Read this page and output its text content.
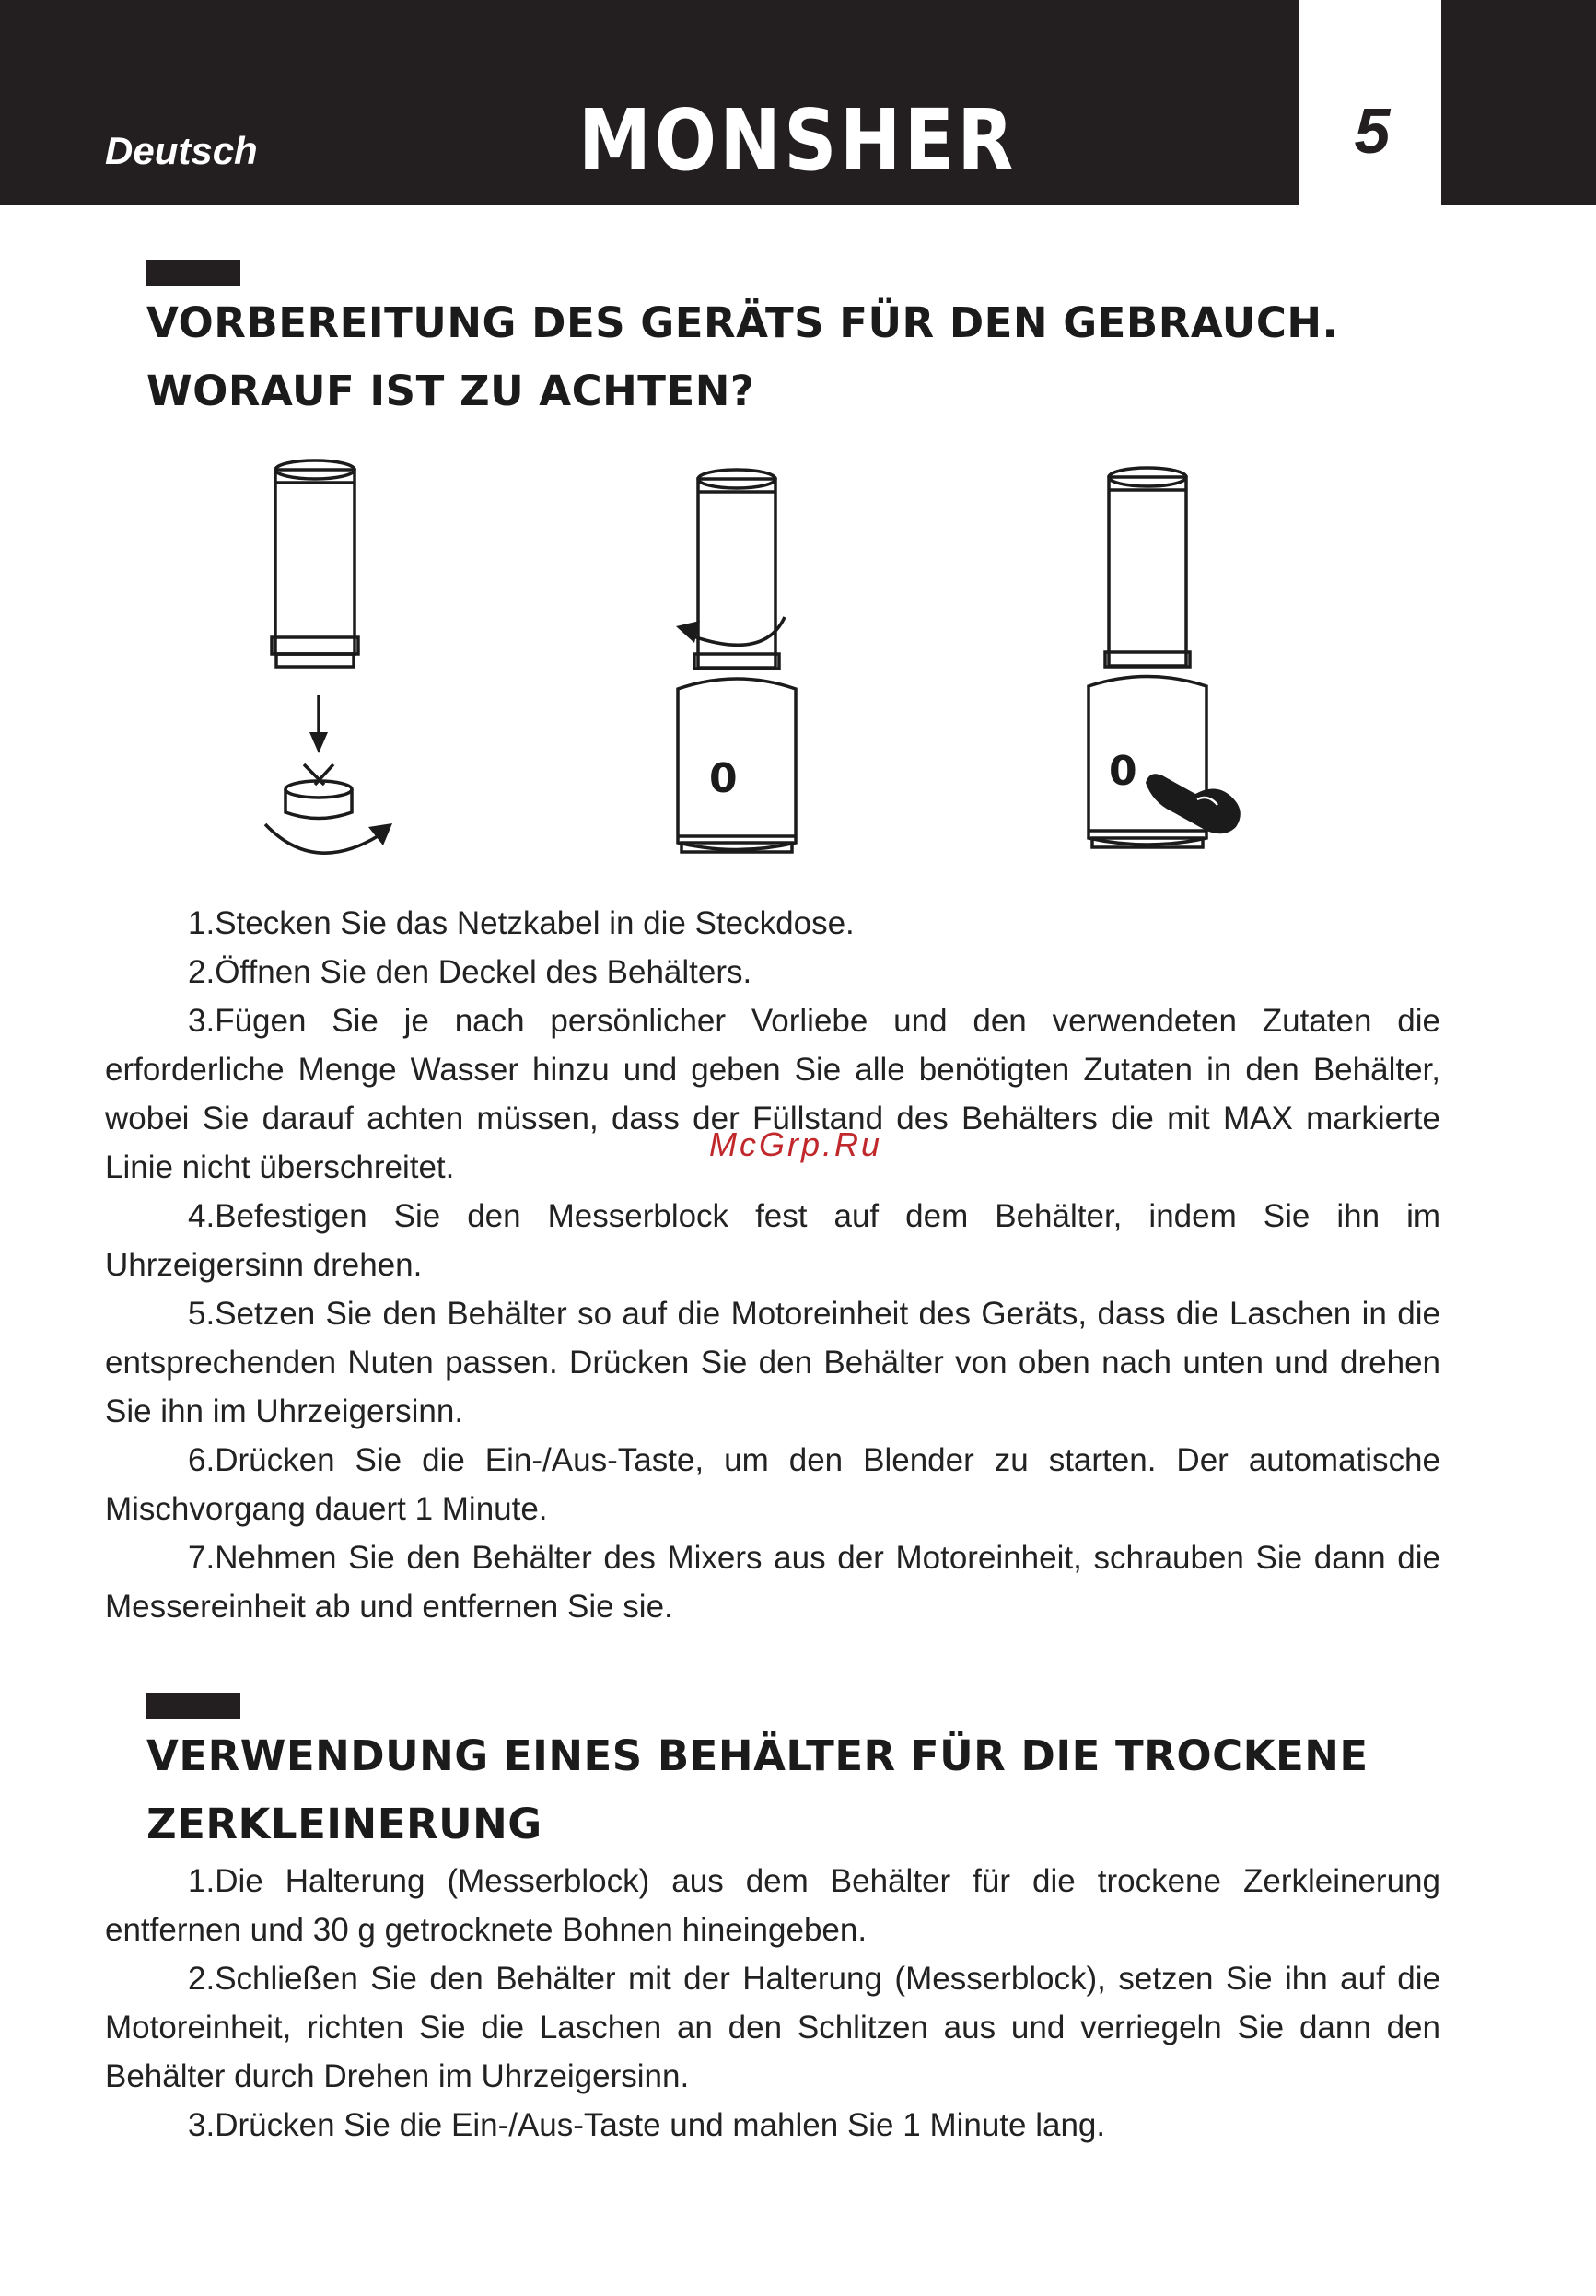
Deutsch	MONSHER	5
VORBEREITUNG DES GERÄTS FÜR DEN GEBRAUCH.
WORAUF IST ZU ACHTEN?
0	0

1.Stecken Sie das Netzkabel in die Steckdose.

2.Öffnen Sie den Deckel des Behälters.

3.Fügen Sie je nach persönlicher Vorliebe und den verwendeten Zutaten die erforderliche Menge Wasser hinzu und geben Sie alle benötigten Zutaten in den Behälter, wobei Sie darauf achten müssen, dass der Füllstand des Behälters die mit MAX markierte Linie nicht überschreitet.

4.Befestigen Sie den Messerblock fest auf dem Behälter, indem Sie ihn im Uhrzeigersinn drehen.

5.Setzen Sie den Behälter so auf die Motoreinheit des Geräts, dass die Laschen in die entsprechenden Nuten passen. Drücken Sie den Behälter von oben nach unten und drehen Sie ihn im Uhrzeigersinn.

6.Drücken Sie die Ein-/Aus-Taste, um den Blender zu starten. Der automatische Mischvorgang dauert 1 Minute.

7.Nehmen Sie den Behälter des Mixers aus der Motoreinheit, schrauben Sie dann die Messereinheit ab und entfernen Sie sie.

McGrp.Ru
VERWENDUNG EINES BEHÄLTER FÜR DIE TROCKENE
ZERKLEINERUNG

1.Die Halterung (Messerblock) aus dem Behälter für die trockene Zerkleinerung entfernen und 30 g getrocknete Bohnen hineingeben.

2.Schließen Sie den Behälter mit der Halterung (Messerblock), setzen Sie ihn auf die Motoreinheit, richten Sie die Laschen an den Schlitzen aus und verriegeln Sie dann den Behälter durch Drehen im Uhrzeigersinn.

3.Drücken Sie die Ein-/Aus-Taste und mahlen Sie 1 Minute lang.
